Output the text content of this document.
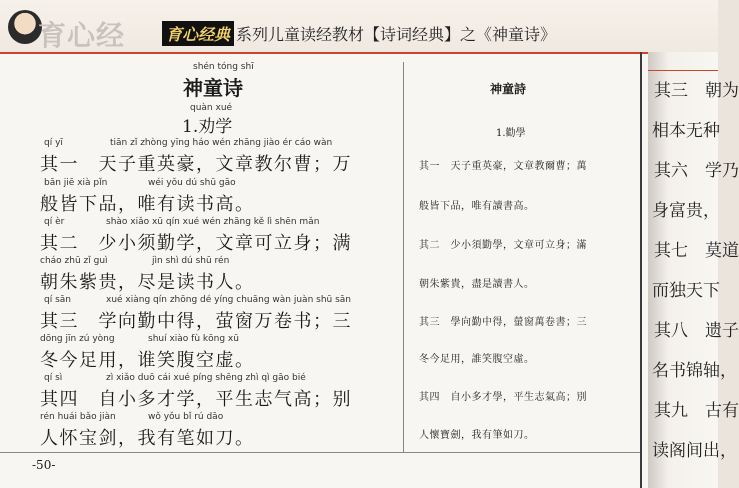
育心经	育心经典 系列儿童读经教材【诗词经典】之《神童诗》
shén tóng shī
神童诗
quàn xué
1.劝学
qí yī	tiān zǐ zhòng yīng háo wén zhāng jiào ér cáo wàn
其一　天子重英豪，文章教尔曹；万
bān jiē xià pǐn	wéi yǒu dú shū gāo
般皆下品，唯有读书高。
qí èr	shào xiǎo xū qín xué wén zhāng kě lì shēn mǎn
其二　少小须勤学，文章可立身；满
cháo zhū zǐ guì	jìn shì dú shū rén
朝朱紫贵，尽是读书人。
qí sān	xué xiàng qín zhōng dé yíng chuāng wàn juàn shū sān
其三　学向勤中得，萤窗万卷书；三
dōng jīn zú yòng	shuí xiào fù kōng xū
冬今足用，谁笑腹空虚。
qí sì	zì xiǎo duō cái xué píng shēng zhì qì gāo bié
其四　自小多才学，平生志气高；别
rén huái bǎo jiàn	wǒ yǒu bǐ rú dāo
人怀宝剑，我有笔如刀。
-50-
神童詩
1.勸學
其一　天子重英豪，文章教爾曹；萬
般皆下品，唯有讀書高。
其二　少小須勤學，文章可立身；滿
朝朱紫貴，盡是讀書人。
其三　學向勤中得，螢窗萬卷書；三
冬今足用，誰笑腹空虛。
其四　自小多才學，平生志氣高；別
人懷寶劍，我有筆如刀。
其三　朝为
相本无种
其六　学乃
身富贵，
其七　莫道
而独天下
其八　遗子
名书锦轴，
其九　古有
读阁间出，
